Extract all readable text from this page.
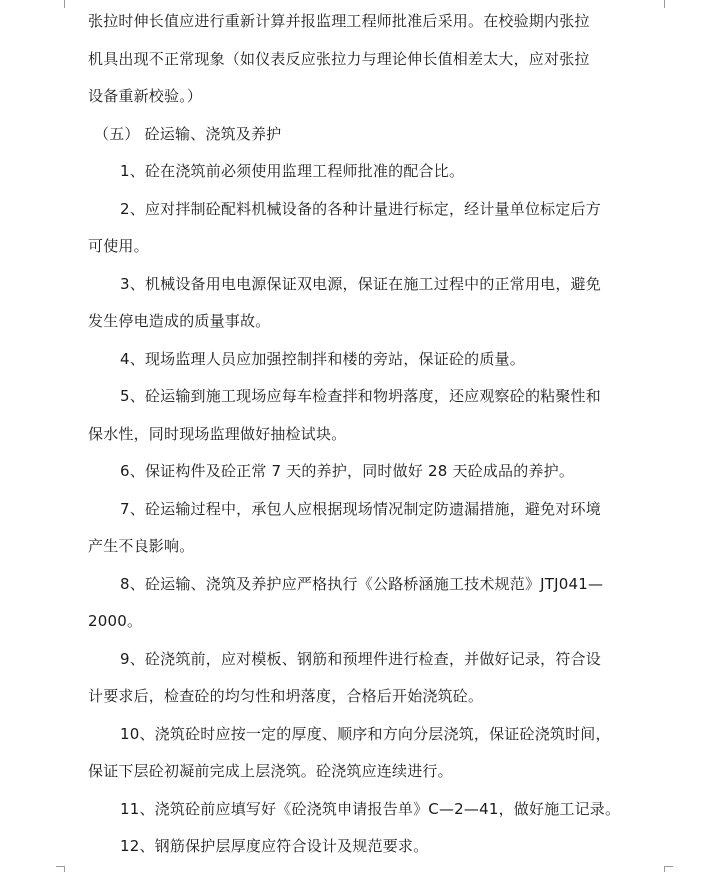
张拉时伸长值应进行重新计算并报监理工程师批准后采用。在校验期内张拉
机具出现不正常现象（如仪表反应张拉力与理论伸长值相差太大，应对张拉
设备重新校验。）
（五） 砼运输、浇筑及养护
1、砼在浇筑前必须使用监理工程师批准的配合比。
2、应对拌制砼配料机械设备的各种计量进行标定，经计量单位标定后方
可使用。
3、机械设备用电电源保证双电源，保证在施工过程中的正常用电，避免
发生停电造成的质量事故。
4、现场监理人员应加强控制拌和楼的旁站，保证砼的质量。
5、砼运输到施工现场应每车检查拌和物坍落度，还应观察砼的粘聚性和
保水性，同时现场监理做好抽检试块。
6、保证构件及砼正常 7 天的养护，同时做好 28 天砼成品的养护。
7、砼运输过程中，承包人应根据现场情况制定防遗漏措施，避免对环境
产生不良影响。
8、砼运输、浇筑及养护应严格执行《公路桥涵施工技术规范》JTJ041—
2000。
9、砼浇筑前，应对模板、钢筋和预埋件进行检查，并做好记录，符合设
计要求后，检查砼的均匀性和坍落度，合格后开始浇筑砼。
10、浇筑砼时应按一定的厚度、顺序和方向分层浇筑，保证砼浇筑时间，
保证下层砼初凝前完成上层浇筑。砼浇筑应连续进行。
11、浇筑砼前应填写好《砼浇筑申请报告单》C—2—41，做好施工记录。
12、钢筋保护层厚度应符合设计及规范要求。
